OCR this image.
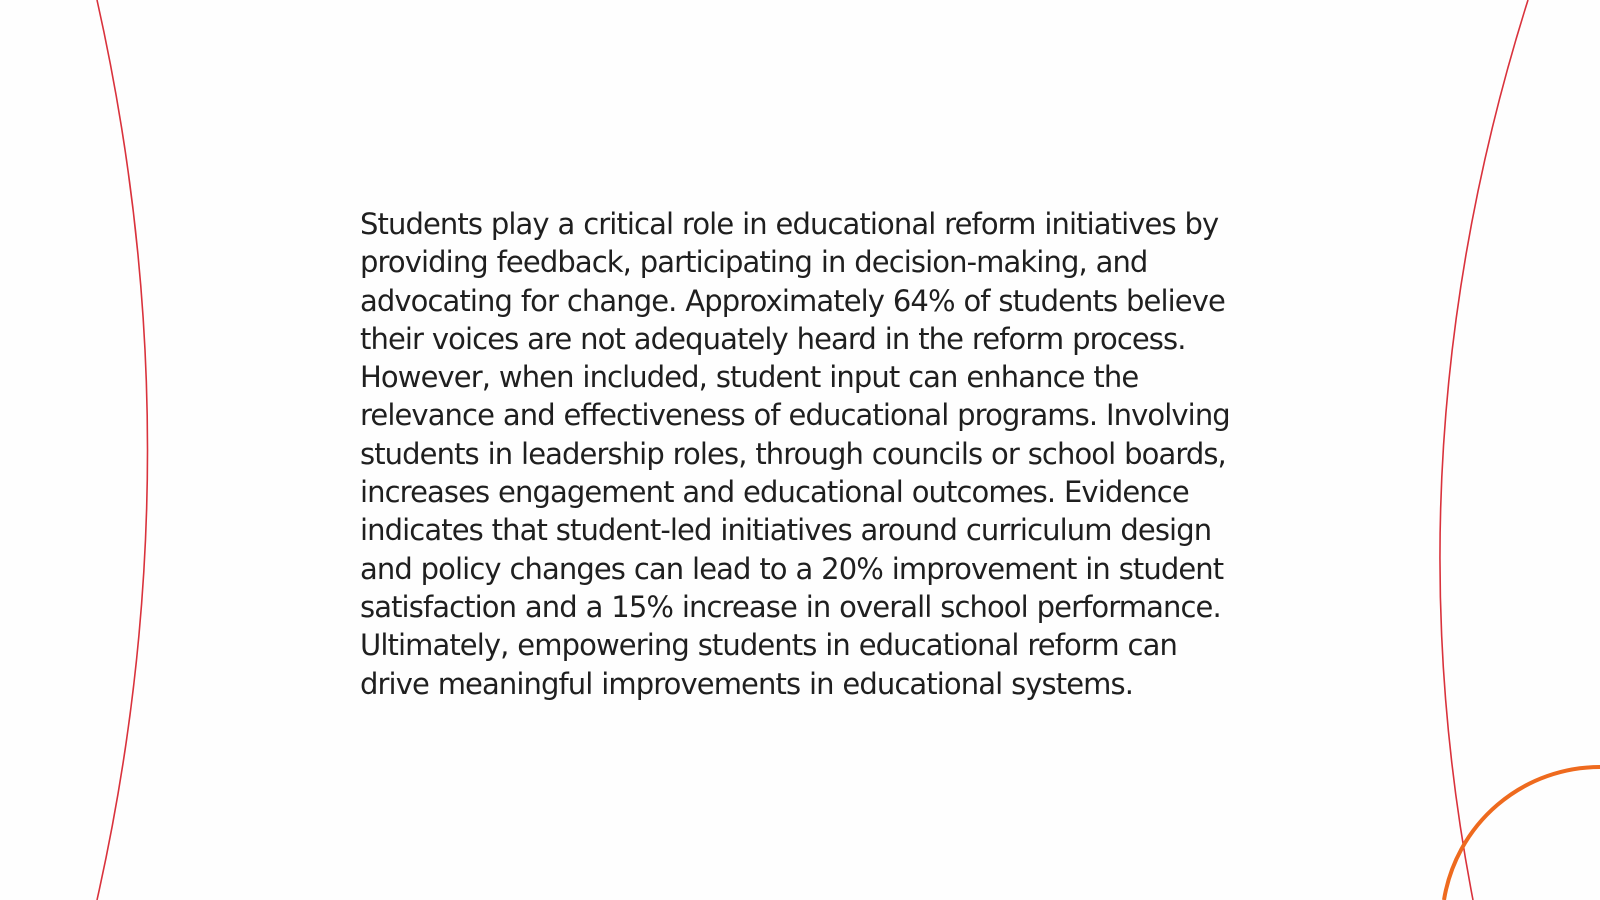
Students play a critical role in educational reform initiatives by providing feedback, participating in decision-making, and advocating for change. Approximately 64% of students believe their voices are not adequately heard in the reform process. However, when included, student input can enhance the relevance and effectiveness of educational programs. Involving students in leadership roles, through councils or school boards, increases engagement and educational outcomes. Evidence indicates that student-led initiatives around curriculum design and policy changes can lead to a 20% improvement in student satisfaction and a 15% increase in overall school performance. Ultimately, empowering students in educational reform can drive meaningful improvements in educational systems.
